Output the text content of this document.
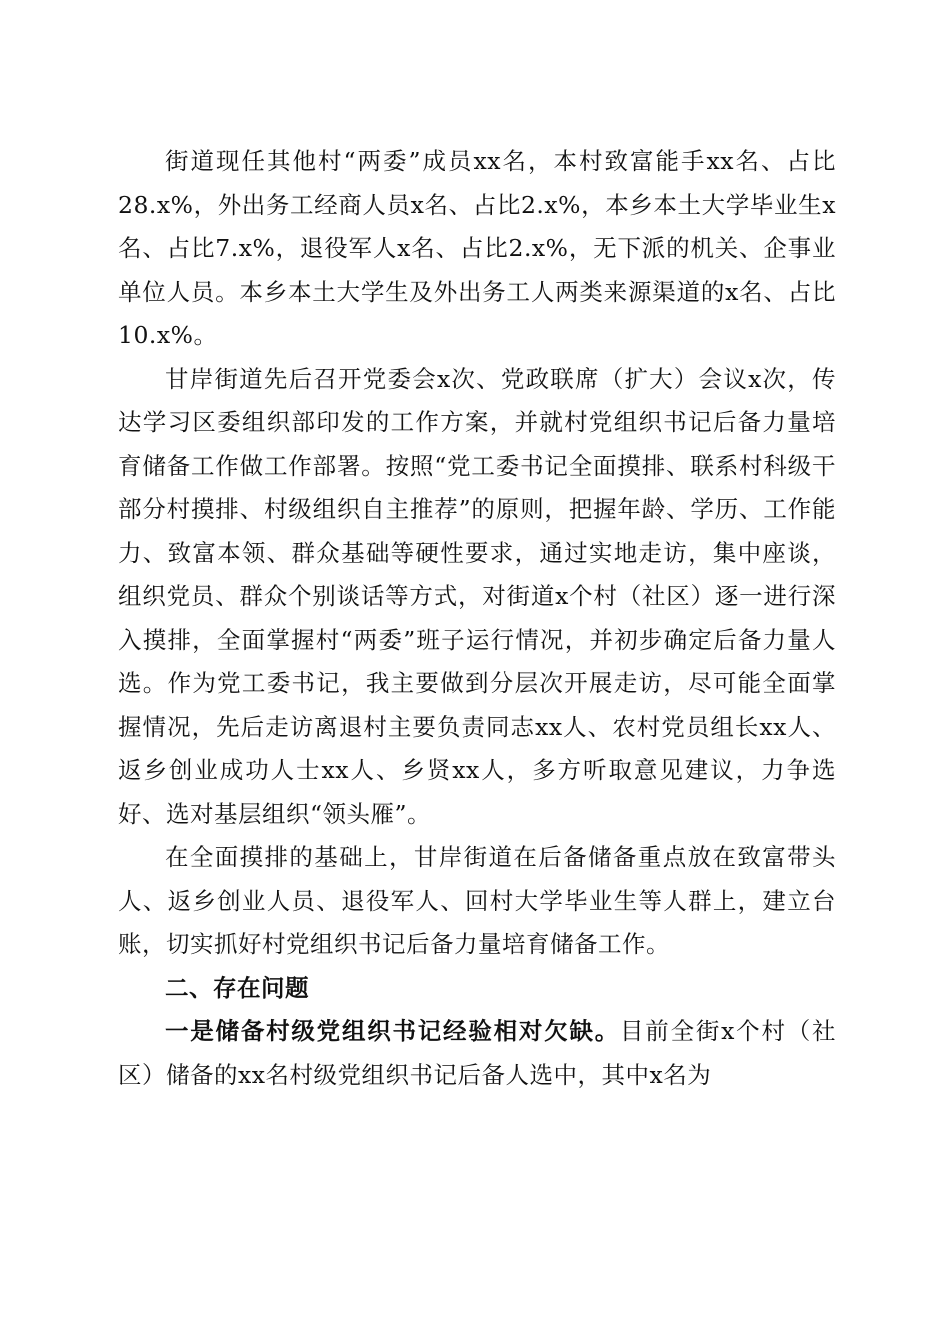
街道现任其他村“两委”成员xx名，本村致富能手xx名、占比28.x%，外出务工经商人员x名、占比2.x%，本乡本土大学毕业生x名、占比7.x%，退役军人x名、占比2.x%，无下派的机关、企事业单位人员。本乡本土大学生及外出务工人两类来源渠道的x名、占比10.x%。

甘岸街道先后召开党委会x次、党政联席（扩大）会议x次，传达学习区委组织部印发的工作方案，并就村党组织书记后备力量培育储备工作做工作部署。按照“党工委书记全面摸排、联系村科级干部分村摸排、村级组织自主推荐”的原则，把握年龄、学历、工作能力、致富本领、群众基础等硬性要求，通过实地走访，集中座谈，组织党员、群众个别谈话等方式，对街道x个村（社区）逐一进行深入摸排，全面掌握村“两委”班子运行情况，并初步确定后备力量人选。作为党工委书记，我主要做到分层次开展走访，尽可能全面掌握情况，先后走访离退村主要负责同志xx人、农村党员组长xx人、返乡创业成功人士xx人、乡贤xx人，多方听取意见建议，力争选好、选对基层组织“领头雁”。

在全面摸排的基础上，甘岸街道在后备储备重点放在致富带头人、返乡创业人员、退役军人、回村大学毕业生等人群上，建立台账，切实抓好村党组织书记后备力量培育储备工作。

二、存在问题

一是储备村级党组织书记经验相对欠缺。目前全街x个村（社区）储备的xx名村级党组织书记后备人选中，其中x名为
